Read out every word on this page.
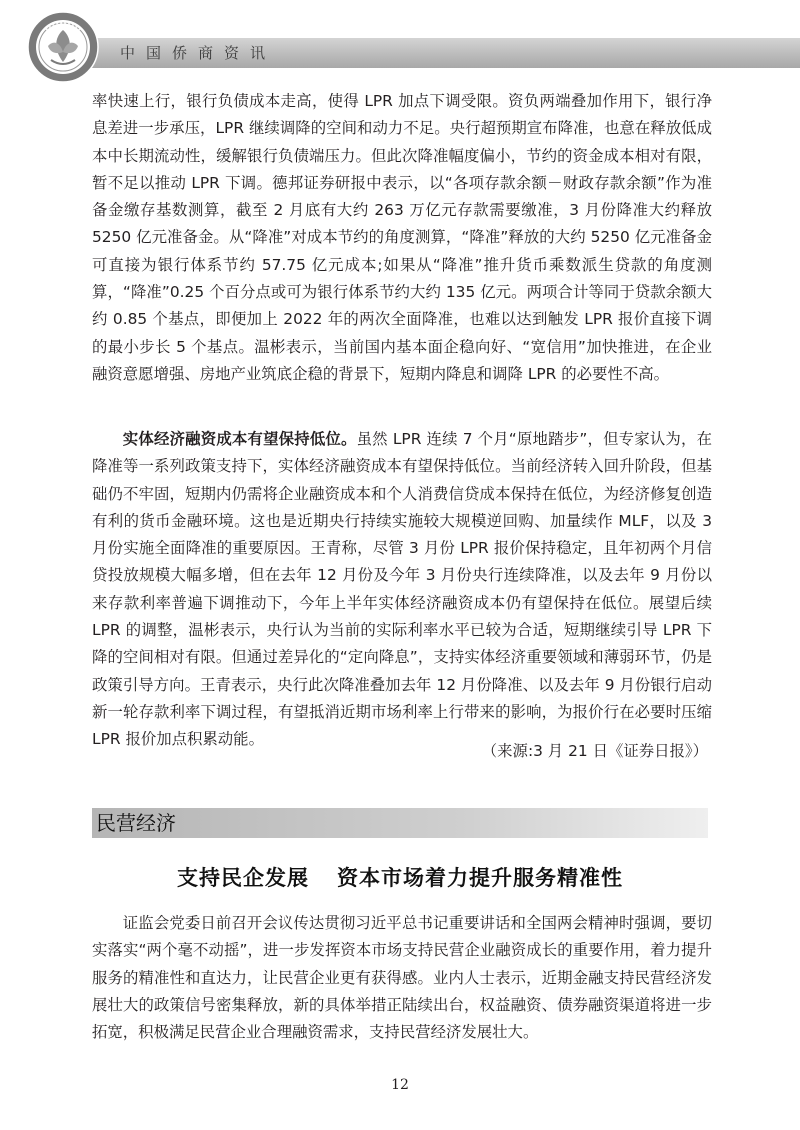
中国侨商资讯

率快速上行，银行负债成本走高，使得 LPR 加点下调受限。资负两端叠加作用下，银行净息差进一步承压，LPR 继续调降的空间和动力不足。央行超预期宣布降准，也意在释放低成本中长期流动性，缓解银行负债端压力。但此次降准幅度偏小，节约的资金成本相对有限，暂不足以推动 LPR 下调。德邦证券研报中表示，以“各项存款余额－财政存款余额”作为准备金缴存基数测算，截至 2 月底有大约 263 万亿元存款需要缴准，3 月份降准大约释放 5250 亿元准备金。从“降准”对成本节约的角度测算，“降准”释放的大约 5250 亿元准备金可直接为银行体系节约 57.75 亿元成本;如果从“降准”推升货币乘数派生贷款的角度测算，“降准”0.25 个百分点或可为银行体系节约大约 135 亿元。两项合计等同于贷款余额大约 0.85 个基点，即便加上 2022 年的两次全面降准，也难以达到触发 LPR 报价直接下调的最小步长 5 个基点。温彬表示，当前国内基本面企稳向好、“宽信用”加快推进，在企业融资意愿增强、房地产业筑底企稳的背景下，短期内降息和调降 LPR 的必要性不高。

实体经济融资成本有望保持低位。虽然 LPR 连续 7 个月“原地踏步”，但专家认为，在降准等一系列政策支持下，实体经济融资成本有望保持低位。当前经济转入回升阶段，但基础仍不牢固，短期内仍需将企业融资成本和个人消费信贷成本保持在低位，为经济修复创造有利的货币金融环境。这也是近期央行持续实施较大规模逆回购、加量续作 MLF，以及 3 月份实施全面降准的重要原因。王青称，尽管 3 月份 LPR 报价保持稳定，且年初两个月信贷投放规模大幅多增，但在去年 12 月份及今年 3 月份央行连续降准，以及去年 9 月份以来存款利率普遍下调推动下，今年上半年实体经济融资成本仍有望保持在低位。展望后续 LPR 的调整，温彬表示，央行认为当前的实际利率水平已较为合适，短期继续引导 LPR 下降的空间相对有限。但通过差异化的“定向降息”，支持实体经济重要领域和薄弱环节，仍是政策引导方向。王青表示，央行此次降准叠加去年 12 月份降准、以及去年 9 月份银行启动新一轮存款利率下调过程，有望抵消近期市场利率上行带来的影响，为报价行在必要时压缩 LPR 报价加点积累动能。

（来源:3 月 21 日《证券日报》）
民营经济
支持民企发展 资本市场着力提升服务精准性

证监会党委日前召开会议传达贯彻习近平总书记重要讲话和全国两会精神时强调，要切实落实“两个毫不动摇”，进一步发挥资本市场支持民营企业融资成长的重要作用，着力提升服务的精准性和直达力，让民营企业更有获得感。业内人士表示，近期金融支持民营经济发展壮大的政策信号密集释放，新的具体举措正陆续出台，权益融资、债券融资渠道将进一步拓宽，积极满足民营企业合理融资需求，支持民营经济发展壮大。

12
